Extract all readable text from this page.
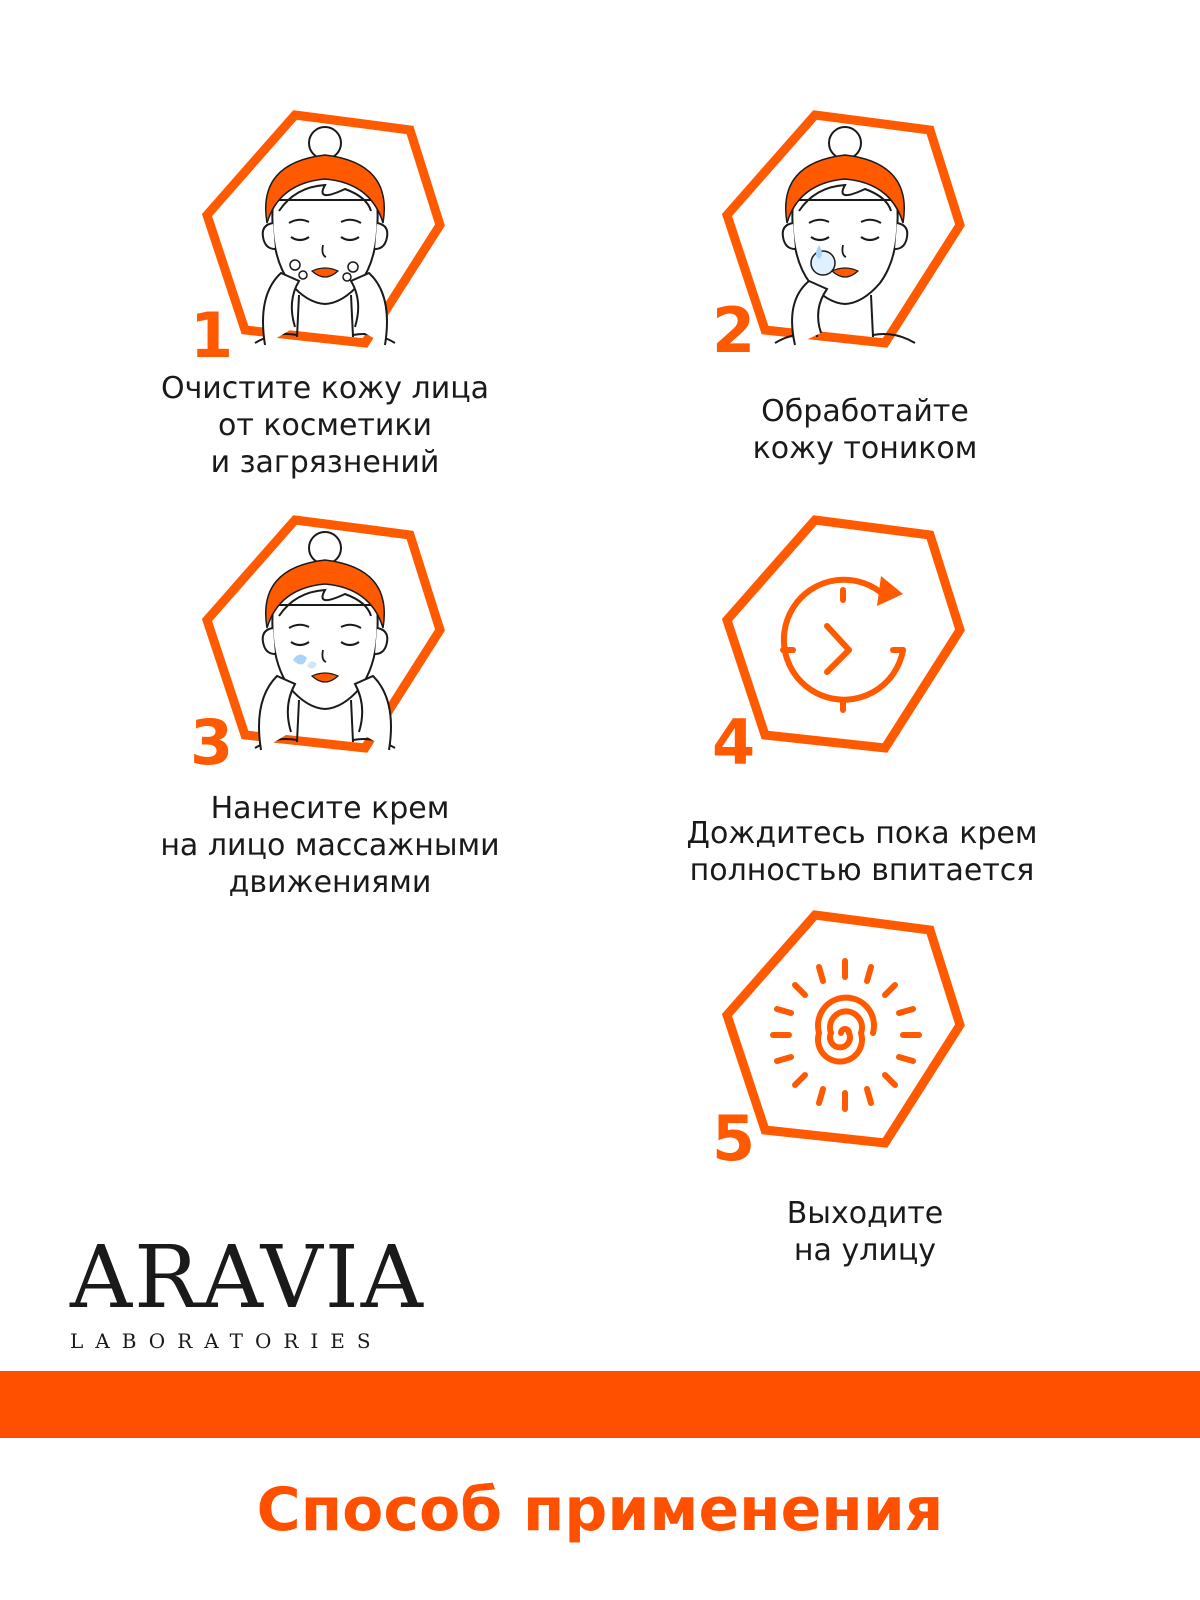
1
Очистите кожу лица
от косметики
и загрязнений
2
Обработайте
кожу тоником
3
Нанесите крем
на лицо массажными
движениями
4
Дождитесь пока крем
полностью впитается
5
Выходите
на улицу
ARAVIA
LABORATORIES
Способ применения
